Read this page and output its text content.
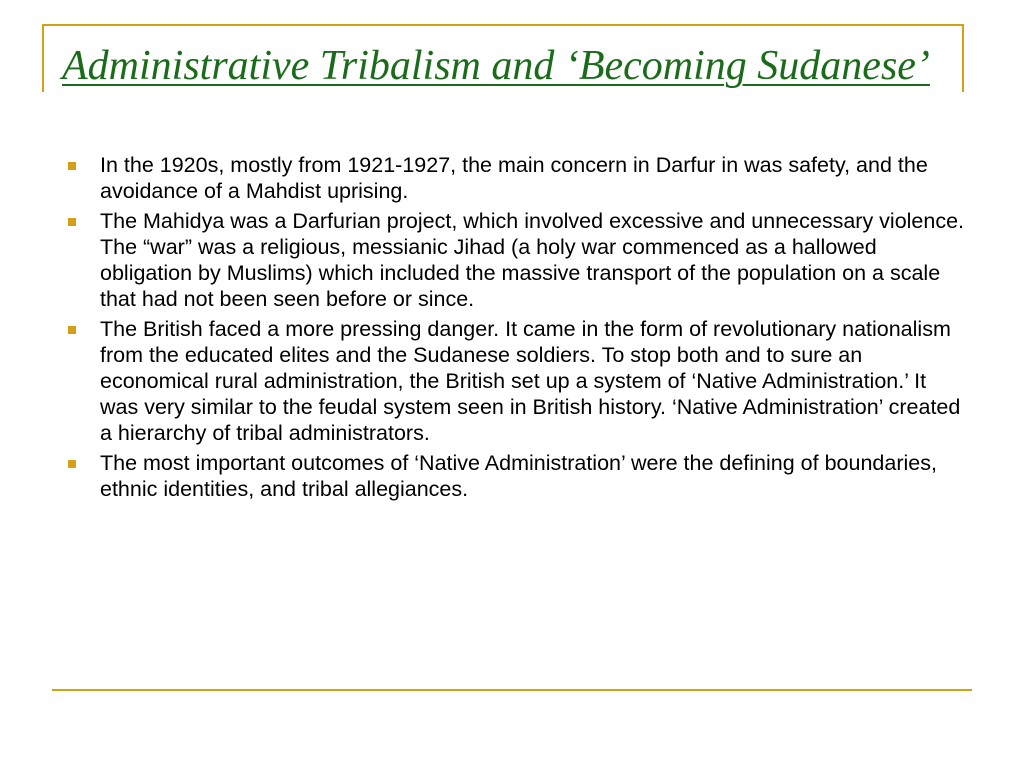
Administrative Tribalism and ‘Becoming Sudanese’
In the 1920s, mostly from 1921-1927, the main concern in Darfur in was safety, and the avoidance of a Mahdist uprising.
The Mahidya was a Darfurian project, which involved excessive and unnecessary violence. The “war” was a religious, messianic Jihad (a holy war commenced as a hallowed obligation by Muslims) which included the massive transport of the population on a scale that had not been seen before or since.
The British faced a more pressing danger. It came in the form of revolutionary nationalism from the educated elites and the Sudanese soldiers. To stop both and to sure an economical rural administration, the British set up a system of ‘Native Administration.’ It was very similar to the feudal system seen in British history. ‘Native Administration’ created a hierarchy of tribal administrators.
The most important outcomes of ‘Native Administration’ were the defining of boundaries, ethnic identities, and tribal allegiances.
